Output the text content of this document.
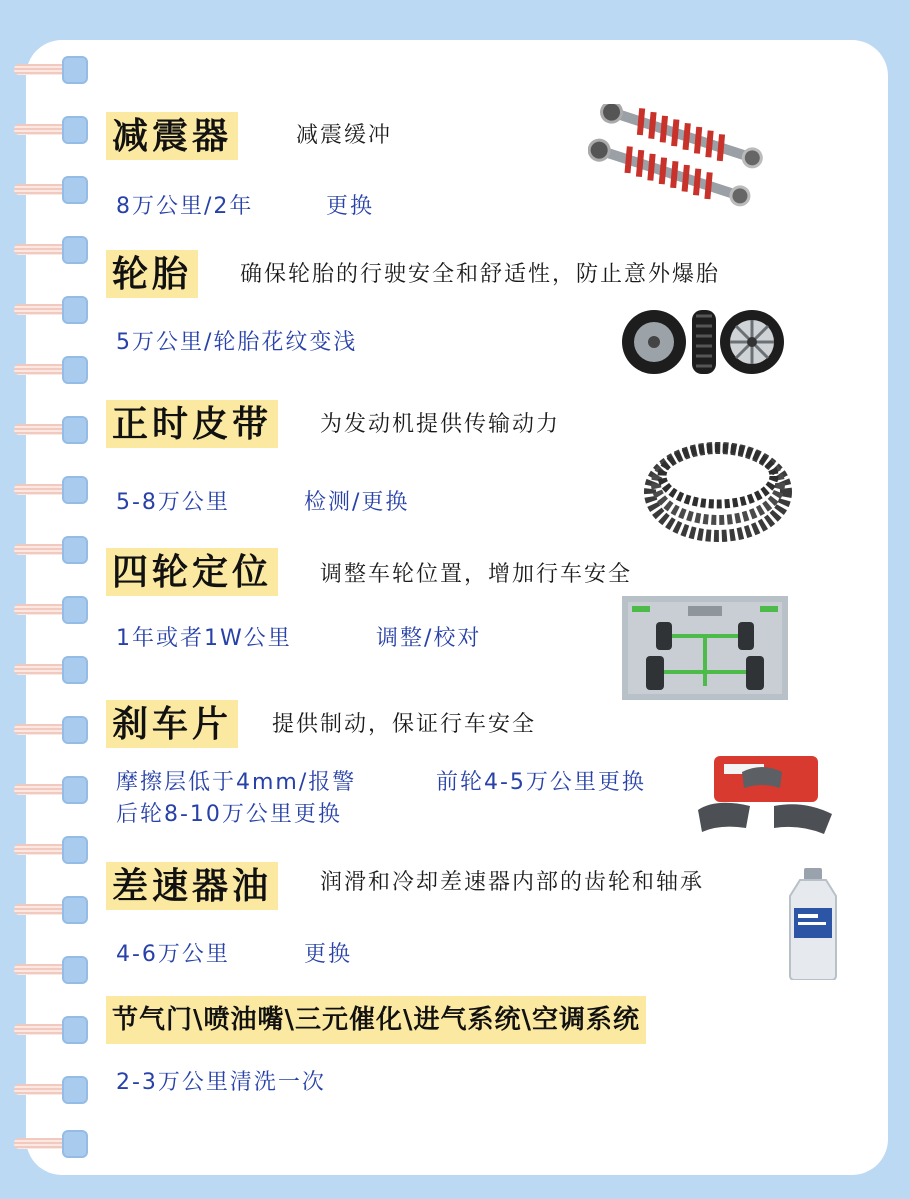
减震器	减震缓冲
8万公里/2年	更换
轮胎 确保轮胎的行驶安全和舒适性，防止意外爆胎
5万公里/轮胎花纹变浅
正时皮带 为发动机提供传输动力
5-8万公里	检测/更换
四轮定位 调整车轮位置，增加行车安全
1年或者1W公里	调整/校对
刹车片 提供制动，保证行车安全
摩擦层低于4mm/报警	前轮4-5万公里更换
后轮8-10万公里更换
差速器油 润滑和冷却差速器内部的齿轮和轴承
4-6万公里	更换
节气门\喷油嘴\三元催化\进气系统\空调系统
2-3万公里清洗一次
